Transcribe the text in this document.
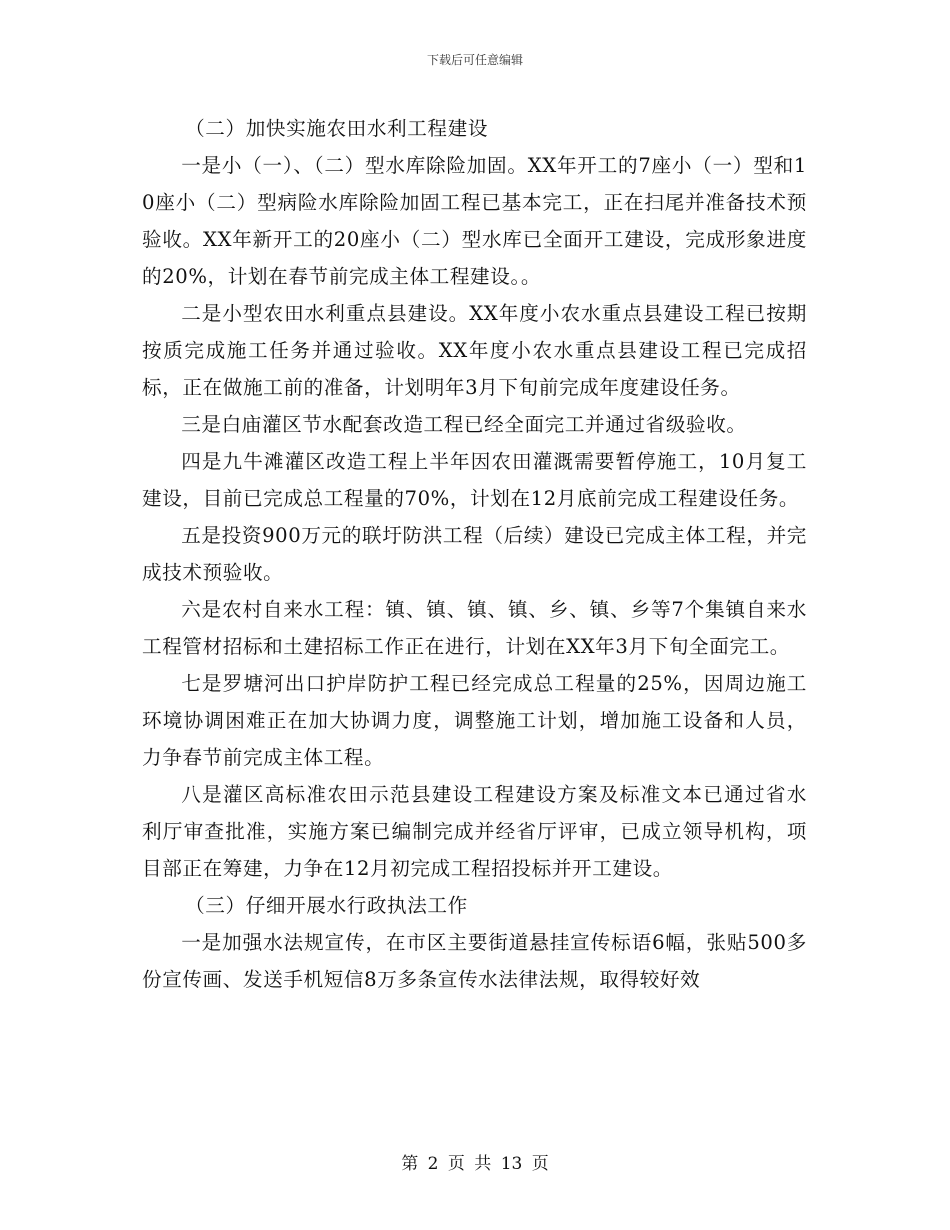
下载后可任意编辑

（二）加快实施农田水利工程建设

一是小（一）、（二）型水库除险加固。XX年开工的7座小（一）型和10座小（二）型病险水库除险加固工程已基本完工，正在扫尾并准备技术预验收。XX年新开工的20座小（二）型水库已全面开工建设，完成形象进度的20%，计划在春节前完成主体工程建设。。

二是小型农田水利重点县建设。XX年度小农水重点县建设工程已按期按质完成施工任务并通过验收。XX年度小农水重点县建设工程已完成招标，正在做施工前的准备，计划明年3月下旬前完成年度建设任务。

三是白庙灌区节水配套改造工程已经全面完工并通过省级验收。

四是九牛滩灌区改造工程上半年因农田灌溉需要暂停施工，10月复工建设，目前已完成总工程量的70%，计划在12月底前完成工程建设任务。

五是投资900万元的联圩防洪工程（后续）建设已完成主体工程，并完成技术预验收。

六是农村自来水工程：镇、镇、镇、镇、乡、镇、乡等7个集镇自来水工程管材招标和土建招标工作正在进行，计划在XX年3月下旬全面完工。

七是罗塘河出口护岸防护工程已经完成总工程量的25%，因周边施工环境协调困难正在加大协调力度，调整施工计划，增加施工设备和人员，力争春节前完成主体工程。

八是灌区高标准农田示范县建设工程建设方案及标准文本已通过省水利厅审查批准，实施方案已编制完成并经省厅评审，已成立领导机构，项目部正在筹建，力争在12月初完成工程招投标并开工建设。

（三）仔细开展水行政执法工作

一是加强水法规宣传，在市区主要街道悬挂宣传标语6幅，张贴500多份宣传画、发送手机短信8万多条宣传水法律法规，取得较好效

第 2 页 共 13 页
